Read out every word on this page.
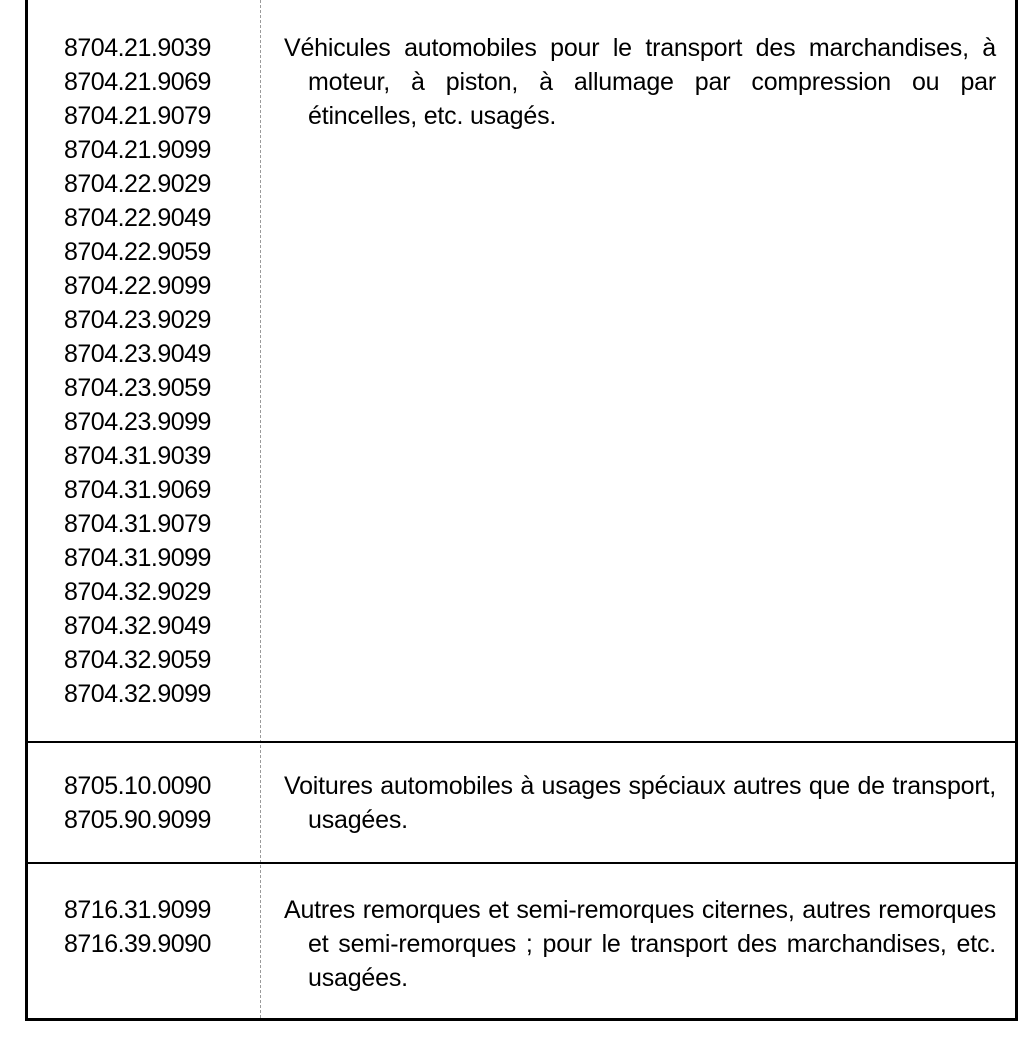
8704.21.9039
8704.21.9069
8704.21.9079
8704.21.9099
8704.22.9029
8704.22.9049
8704.22.9059
8704.22.9099
8704.23.9029
8704.23.9049
8704.23.9059
8704.23.9099
8704.31.9039
8704.31.9069
8704.31.9079
8704.31.9099
8704.32.9029
8704.32.9049
8704.32.9059
8704.32.9099

Véhicules automobiles pour le transport des marchandises, à moteur, à piston, à allumage par compression ou par étincelles, etc. usagés.

8705.10.0090
8705.90.9099

Voitures automobiles à usages spéciaux autres que de transport, usagées.

8716.31.9099
8716.39.9090

Autres remorques et semi-remorques citernes, autres remorques et semi-remorques ; pour le transport des marchandises, etc. usagées.
